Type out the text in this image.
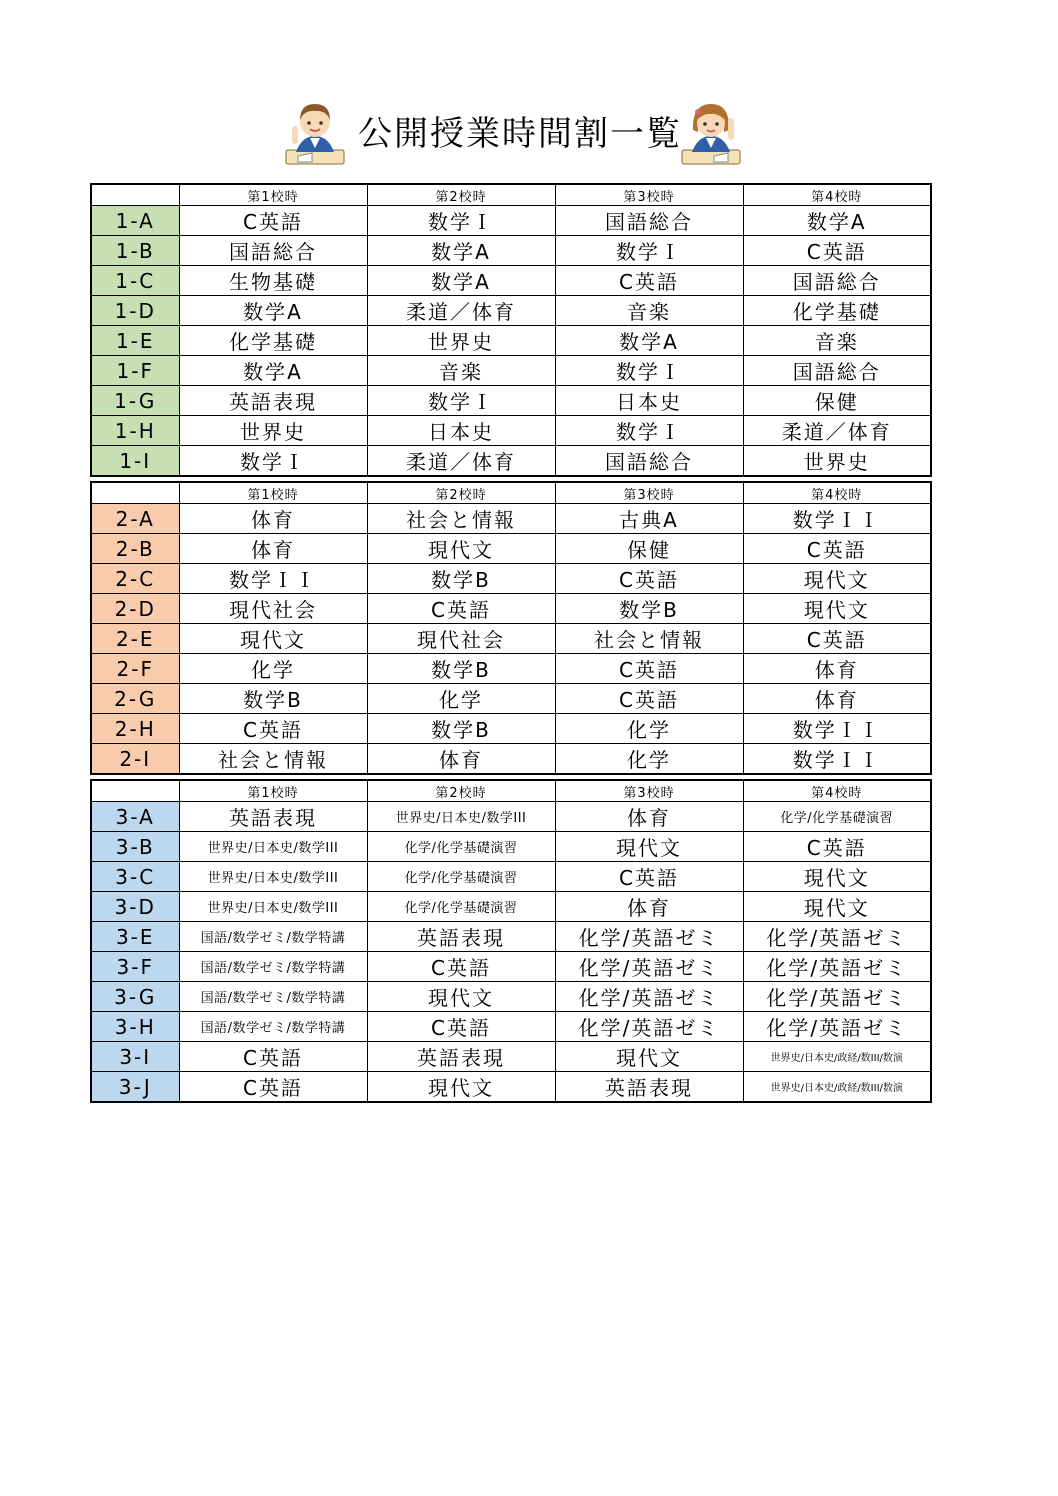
公開授業時間割一覧
	第1校時	第2校時	第3校時	第4校時
1-A	C英語	数学Ｉ	国語総合	数学A
1-B	国語総合	数学A	数学Ｉ	C英語
1-C	生物基礎	数学A	C英語	国語総合
1-D	数学A	柔道／体育	音楽	化学基礎
1-E	化学基礎	世界史	数学A	音楽
1-F	数学A	音楽	数学Ｉ	国語総合
1-G	英語表現	数学Ｉ	日本史	保健
1-H	世界史	日本史	数学Ｉ	柔道／体育
1-I	数学Ｉ	柔道／体育	国語総合	世界史
	第1校時	第2校時	第3校時	第4校時
2-A	体育	社会と情報	古典A	数学ＩＩ
2-B	体育	現代文	保健	C英語
2-C	数学ＩＩ	数学B	C英語	現代文
2-D	現代社会	C英語	数学B	現代文
2-E	現代文	現代社会	社会と情報	C英語
2-F	化学	数学B	C英語	体育
2-G	数学B	化学	C英語	体育
2-H	C英語	数学B	化学	数学ＩＩ
2-I	社会と情報	体育	化学	数学ＩＩ
	第1校時	第2校時	第3校時	第4校時
3-A	英語表現	世界史/日本史/数学III	体育	化学/化学基礎演習
3-B	世界史/日本史/数学III	化学/化学基礎演習	現代文	C英語
3-C	世界史/日本史/数学III	化学/化学基礎演習	C英語	現代文
3-D	世界史/日本史/数学III	化学/化学基礎演習	体育	現代文
3-E	国語/数学ゼミ/数学特講	英語表現	化学/英語ゼミ	化学/英語ゼミ
3-F	国語/数学ゼミ/数学特講	C英語	化学/英語ゼミ	化学/英語ゼミ
3-G	国語/数学ゼミ/数学特講	現代文	化学/英語ゼミ	化学/英語ゼミ
3-H	国語/数学ゼミ/数学特講	C英語	化学/英語ゼミ	化学/英語ゼミ
3-I	C英語	英語表現	現代文	世界史/日本史/政経/数III/数演
3-J	C英語	現代文	英語表現	世界史/日本史/政経/数III/数演
